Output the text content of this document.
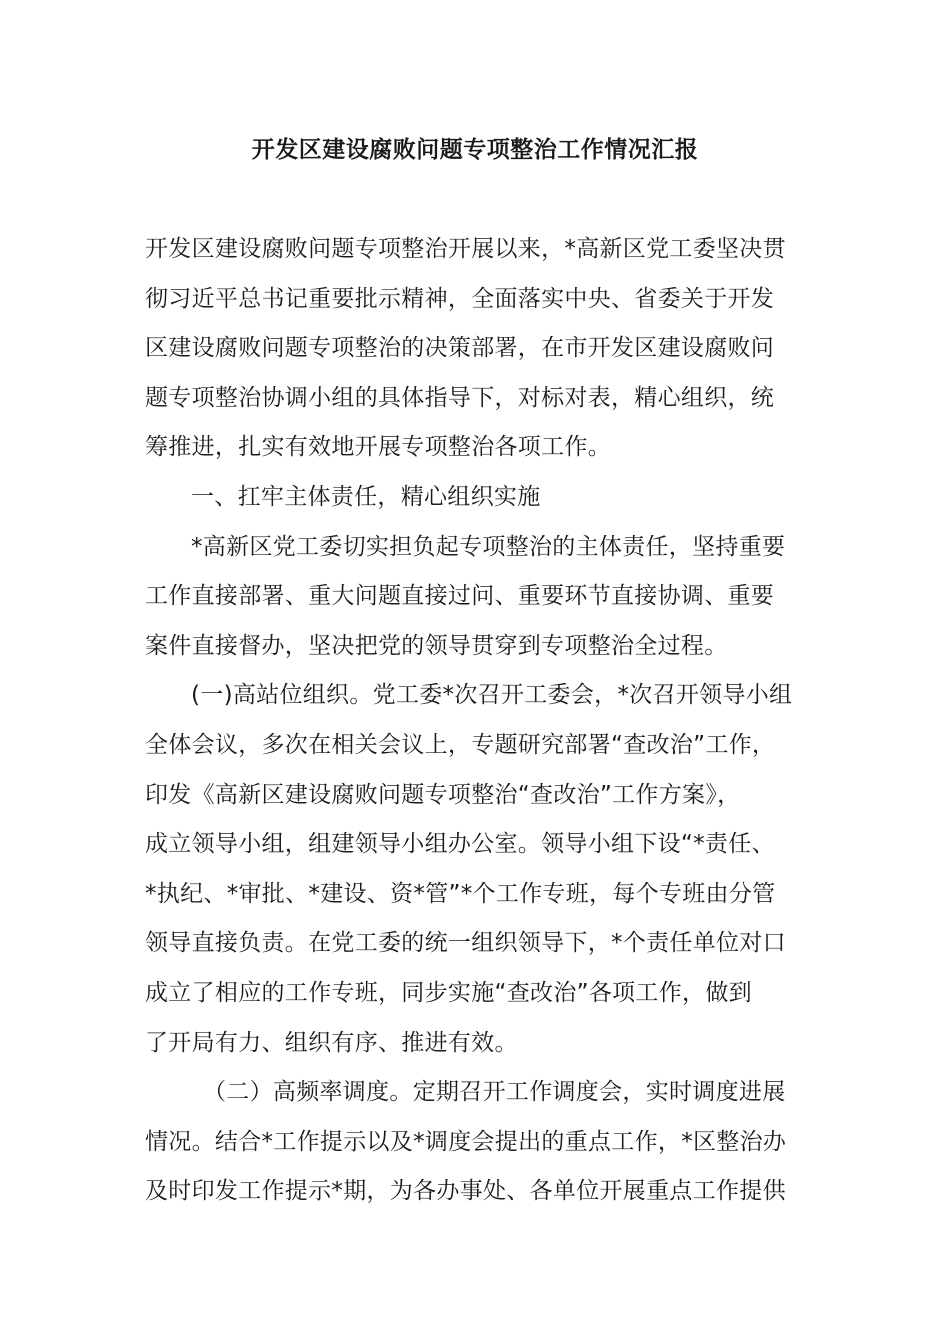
开发区建设腐败问题专项整治工作情况汇报
开发区建设腐败问题专项整治开展以来，*高新区党工委坚决贯
彻习近平总书记重要批示精神，全面落实中央、省委关于开发
区建设腐败问题专项整治的决策部署，在市开发区建设腐败问
题专项整治协调小组的具体指导下，对标对表，精心组织，统
筹推进，扎实有效地开展专项整治各项工作。
一、扛牢主体责任，精心组织实施
*高新区党工委切实担负起专项整治的主体责任，坚持重要
工作直接部署、重大问题直接过问、重要环节直接协调、重要
案件直接督办，坚决把党的领导贯穿到专项整治全过程。
(一)高站位组织。党工委*次召开工委会，*次召开领导小组
全体会议，多次在相关会议上，专题研究部署“查改治”工作，
印发《高新区建设腐败问题专项整治“查改治”工作方案》，
成立领导小组，组建领导小组办公室。领导小组下设“*责任、
*执纪、*审批、*建设、资*管”*个工作专班，每个专班由分管
领导直接负责。在党工委的统一组织领导下，*个责任单位对口
成立了相应的工作专班，同步实施“查改治”各项工作，做到
了开局有力、组织有序、推进有效。
（二）高频率调度。定期召开工作调度会，实时调度进展
情况。结合*工作提示以及*调度会提出的重点工作，*区整治办
及时印发工作提示*期，为各办事处、各单位开展重点工作提供
